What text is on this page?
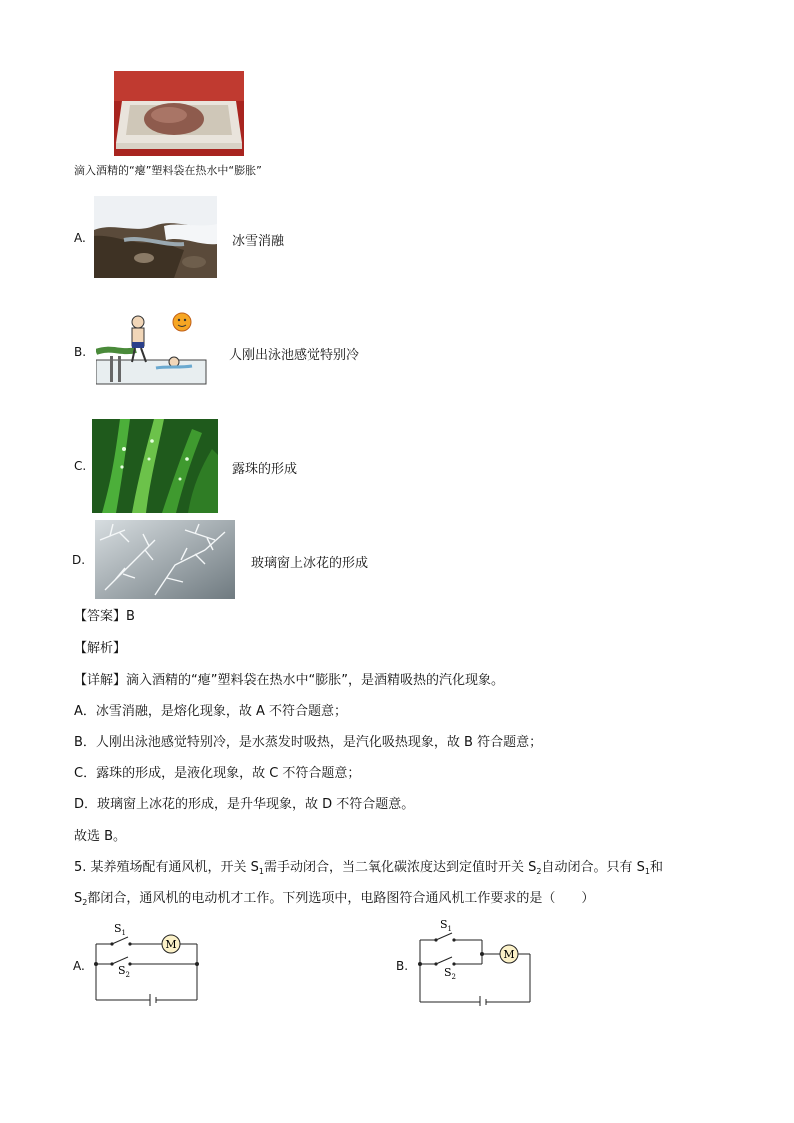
滴入酒精的“瘪”塑料袋在热水中“膨胀”
A.	冰雪消融
B.	人刚出泳池感觉特别冷
C.	露珠的形成
D.	玻璃窗上冰花的形成
【答案】B
【解析】
【详解】滴入酒精的“瘪”塑料袋在热水中“膨胀”，是酒精吸热的汽化现象。
A．冰雪消融，是熔化现象，故 A 不符合题意；
B．人刚出泳池感觉特别冷，是水蒸发时吸热，是汽化吸热现象，故 B 符合题意；
C．露珠的形成，是液化现象，故 C 不符合题意；
D．玻璃窗上冰花的形成，是升华现象，故 D 不符合题意。
故选 B。
5. 某养殖场配有通风机，开关 $S_1$需手动闭合，当二氧化碳浓度达到定值时开关 $S_2$自动闭合。只有 $S_1$和
$S_2$都闭合，通风机的电动机才工作。下列选项中，电路图符合通风机工作要求的是（　　）
A.
M
$S_1$
$S_2$
B.
M
$S_1$
$S_2$
